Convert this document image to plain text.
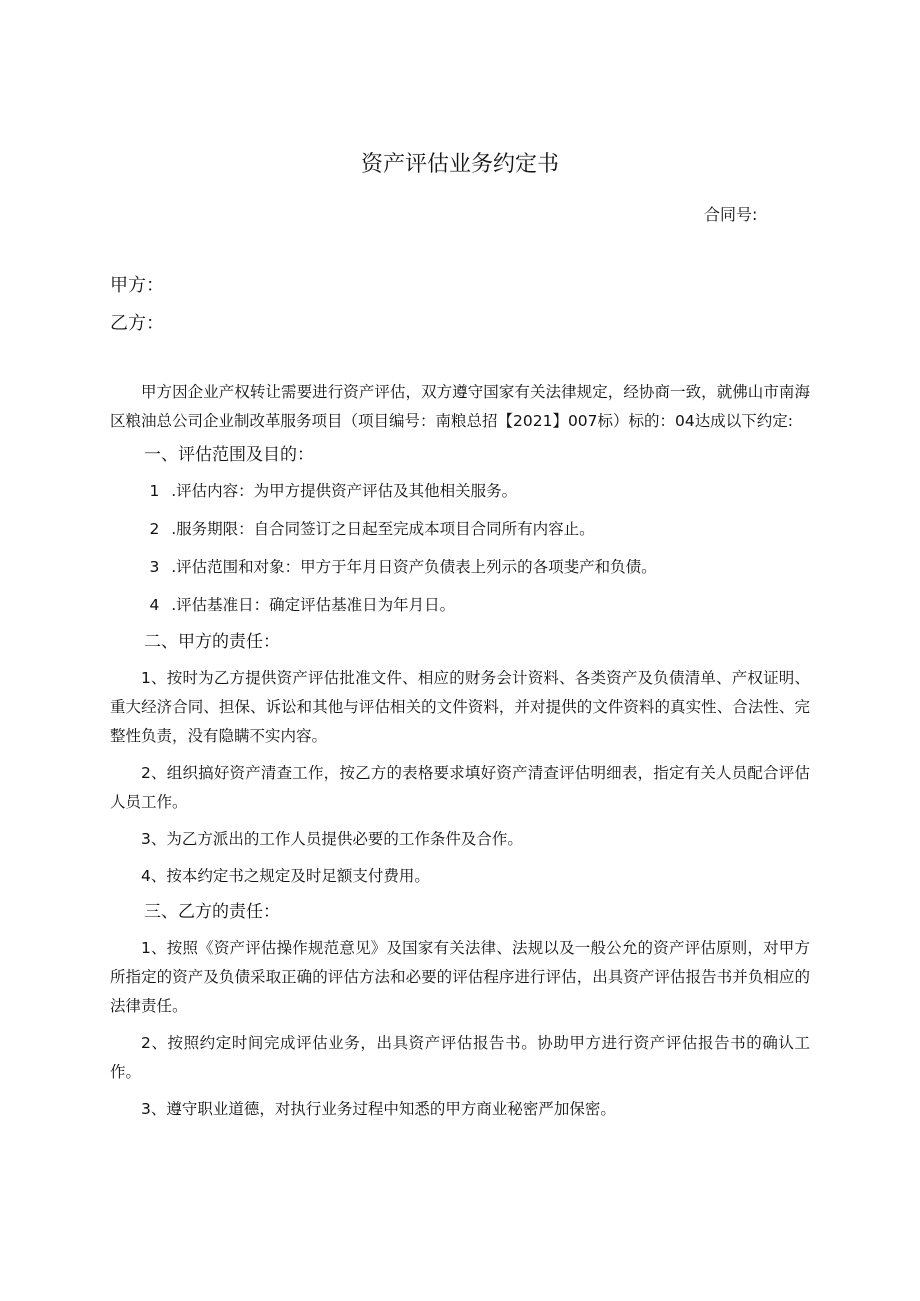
资产评估业务约定书
合同号:
甲方：
乙方：

甲方因企业产权转让需要进行资产评估，双方遵守国家有关法律规定，经协商一致，就佛山市南海区粮油总公司企业制改革服务项目（项目编号：南粮总招【2021】007标）标的：04达成以下约定:

一、评估范围及目的：

1 .评估内容：为甲方提供资产评估及其他相关服务。

2 .服务期限：自合同签订之日起至完成本项目合同所有内容止。

3 .评估范围和对象：甲方于年月日资产负债表上列示的各项斐产和负债。

4 .评估基准日：确定评估基准日为年月日。

二、甲方的责任：

1、按时为乙方提供资产评估批准文件、相应的财务会计资料、各类资产及负债清单、产权证明、重大经济合同、担保、诉讼和其他与评估相关的文件资料，并对提供的文件资料的真实性、合法性、完整性负责，没有隐瞒不实内容。

2、组织搞好资产清查工作，按乙方的表格要求填好资产清查评估明细表，指定有关人员配合评估人员工作。

3、为乙方派出的工作人员提供必要的工作条件及合作。

4、按本约定书之规定及时足额支付费用。

三、乙方的责任：

1、按照《资产评估操作规范意见》及国家有关法律、法规以及一般公允的资产评估原则，对甲方所指定的资产及负债采取正确的评估方法和必要的评估程序进行评估，出具资产评估报告书并负相应的法律责任。

2、按照约定时间完成评估业务，出具资产评估报告书。协助甲方进行资产评估报告书的确认工作。

3、遵守职业道德，对执行业务过程中知悉的甲方商业秘密严加保密。
